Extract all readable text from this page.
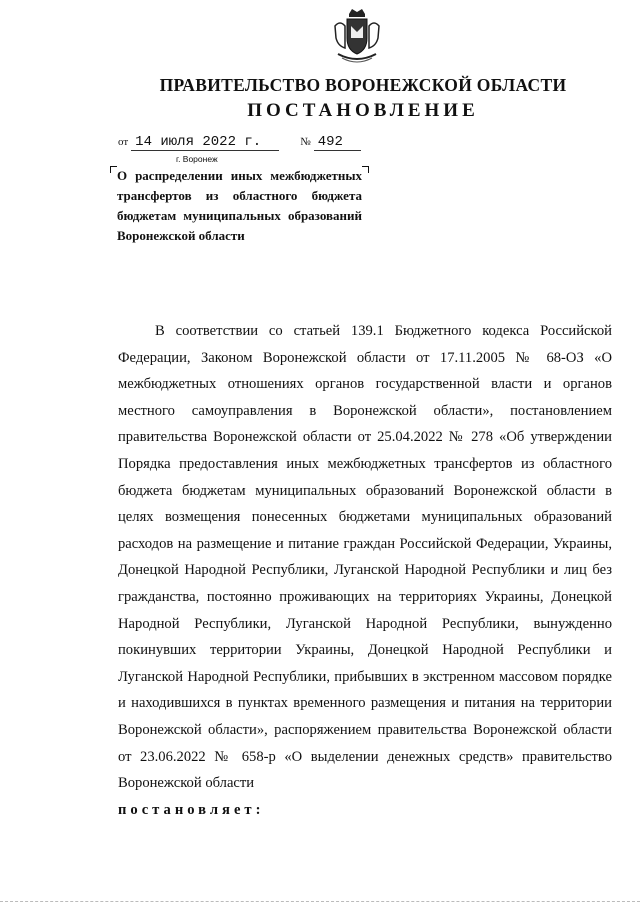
ПРАВИТЕЛЬСТВО ВОРОНЕЖСКОЙ ОБЛАСТИ
ПОСТАНОВЛЕНИЕ
от 14 июля 2022 г.	№ 492
г. Воронеж
О распределении иных межбюджетных трансфертов из областного бюджета бюджетам муниципальных образований Воронежской области
В соответствии со статьей 139.1 Бюджетного кодекса Российской Федерации, Законом Воронежской области от 17.11.2005 № 68-ОЗ «О межбюджетных отношениях органов государственной власти и органов местного самоуправления в Воронежской области», постановлением правительства Воронежской области от 25.04.2022 № 278 «Об утверждении Порядка предоставления иных межбюджетных трансфертов из областного бюджета бюджетам муниципальных образований Воронежской области в целях возмещения понесенных бюджетами муниципальных образований расходов на размещение и питание граждан Российской Федерации, Украины, Донецкой Народной Республики, Луганской Народной Республики и лиц без гражданства, постоянно проживающих на территориях Украины, Донецкой Народной Республики, Луганской Народной Республики, вынужденно покинувших территории Украины, Донецкой Народной Республики и Луганской Народной Республики, прибывших в экстренном массовом порядке и находившихся в пунктах временного размещения и питания на территории Воронежской области», распоряжением правительства Воронежской области от 23.06.2022 № 658-р «О выделении денежных средств» правительство Воронежской области
постановляет:
